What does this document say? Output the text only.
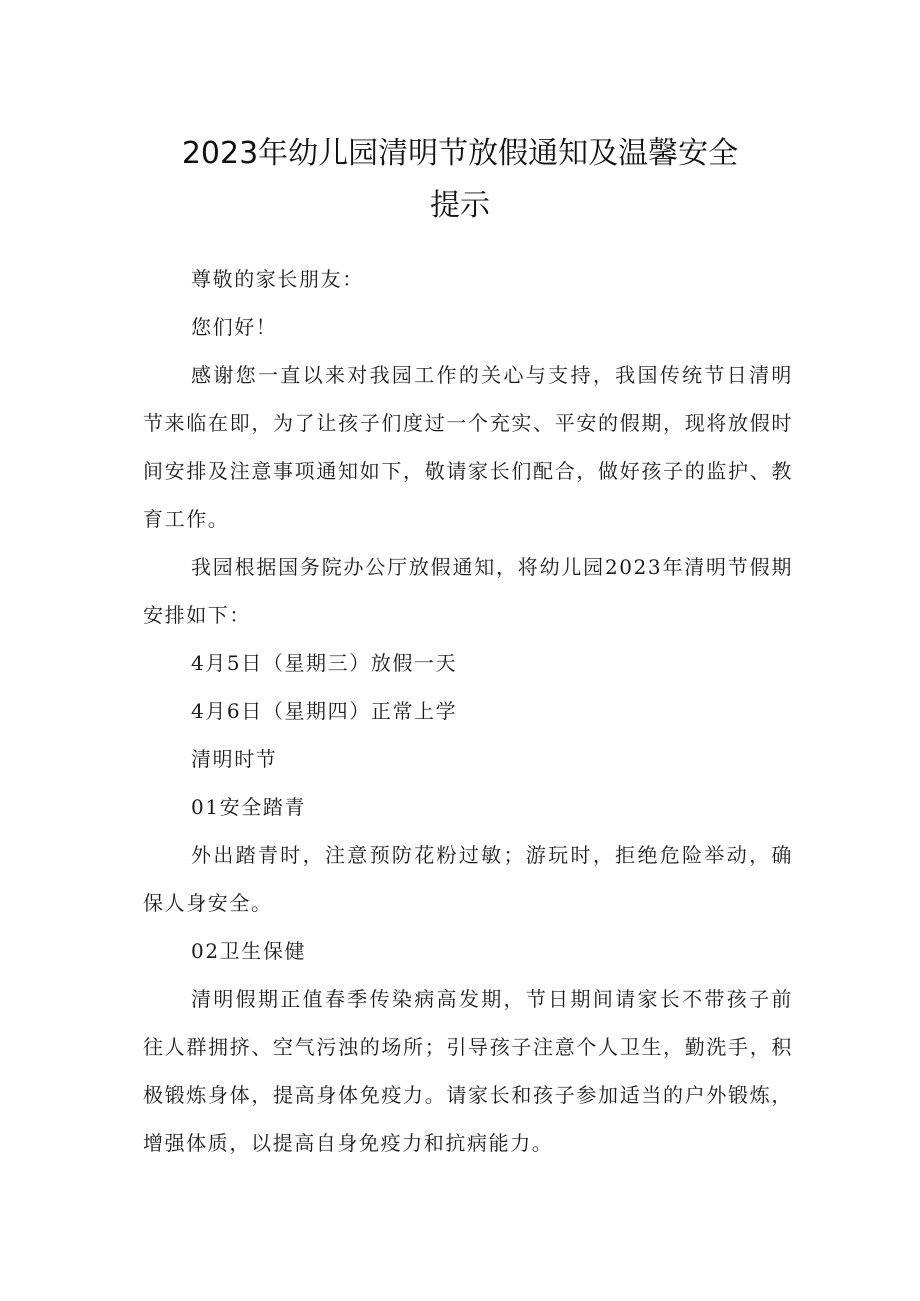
2023年幼儿园清明节放假通知及温馨安全
提示

尊敬的家长朋友：

您们好！

感谢您一直以来对我园工作的关心与支持，我国传统节日清明节来临在即，为了让孩子们度过一个充实、平安的假期，现将放假时间安排及注意事项通知如下，敬请家长们配合，做好孩子的监护、教育工作。

我园根据国务院办公厅放假通知，将幼儿园2023年清明节假期安排如下：

4月5日（星期三）放假一天

4月6日（星期四）正常上学

清明时节

01安全踏青

外出踏青时，注意预防花粉过敏；游玩时，拒绝危险举动，确保人身安全。

02卫生保健

清明假期正值春季传染病高发期，节日期间请家长不带孩子前往人群拥挤、空气污浊的场所；引导孩子注意个人卫生，勤洗手，积极锻炼身体，提高身体免疫力。请家长和孩子参加适当的户外锻炼，增强体质，以提高自身免疫力和抗病能力。
